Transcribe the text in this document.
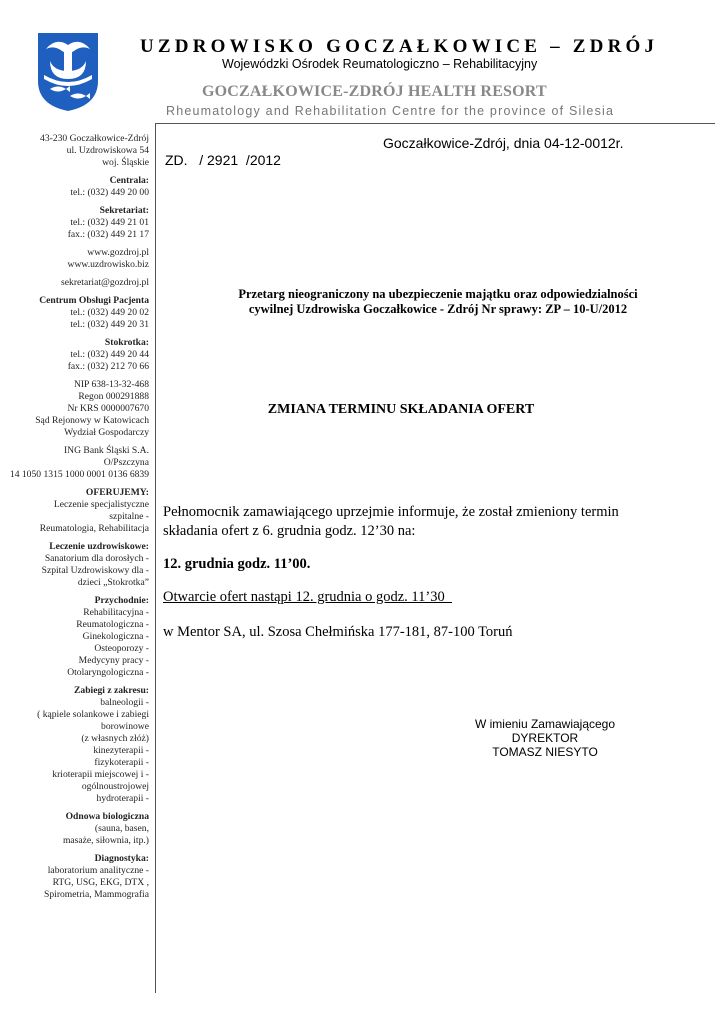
UZDROWISKO GOCZAŁKOWICE – ZDRÓJ
Wojewódzki Ośrodek Reumatologiczno – Rehabilitacyjny
GOCZAŁKOWICE-ZDRÓJ HEALTH RESORT
Rheumatology and Rehabilitation Centre for the province of Silesia
43-230 Goczałkowice-Zdrój
ul. Uzdrowiskowa 54
woj. Śląskie
Centrala:
tel.: (032) 449 20 00
Sekretariat:
tel.: (032) 449 21 01
fax.: (032) 449 21 17
www.gozdroj.pl
www.uzdrowisko.biz
sekretariat@gozdroj.pl
Centrum Obsługi Pacjenta
tel.: (032) 449 20 02
tel.: (032) 449 20 31
Stokrotka:
tel.: (032) 449 20 44
fax.: (032) 212 70 66
NIP 638-13-32-468
Regon 000291888
Nr KRS 0000007670
Sąd Rejonowy w Katowicach
Wydział Gospodarczy
ING Bank Śląski S.A.
O/Pszczyna
14 1050 1315 1000 0001 0136 6839
OFERUJEMY:
Leczenie specjalistyczne
szpitalne -
Reumatologia, Rehabilitacja
Leczenie uzdrowiskowe:
Sanatorium dla dorosłych -
Szpital Uzdrowiskowy dla -
dzieci „Stokrotka”
Przychodnie:
Rehabilitacyjna -
Reumatologiczna -
Ginekologiczna -
Osteoporozy -
Medycyny pracy -
Otolaryngologiczna -
Zabiegi z zakresu:
balneologii -
( kąpiele solankowe i zabiegi
borowinowe
(z własnych złóż)
kinezyterapii -
fizykoterapii -
krioterapii miejscowej i -
ogólnoustrojowej
hydroterapii -
Odnowa biologiczna
(sauna, basen,
masaże, siłownia, itp.)
Diagnostyka:
laboratorium analityczne -
RTG, USG, EKG, DTX ,
Spirometria, Mammografia
Goczałkowice-Zdrój, dnia 04-12-0012r.
ZD.   / 2921  /2012
Przetarg nieograniczony na ubezpieczenie majątku oraz odpowiedzialności
cywilnej Uzdrowiska Goczałkowice - Zdrój Nr sprawy: ZP – 10-U/2012
ZMIANA TERMINU SKŁADANIA OFERT
Pełnomocnik zamawiającego uprzejmie informuje, że został zmieniony termin
składania ofert z 6. grudnia godz. 12’30 na:
12. grudnia godz. 11’00.
Otwarcie ofert nastąpi 12. grudnia o godz. 11’30
w Mentor SA, ul. Szosa Chełmińska 177-181, 87-100 Toruń
W imieniu Zamawiającego
DYREKTOR
TOMASZ NIESYTO
